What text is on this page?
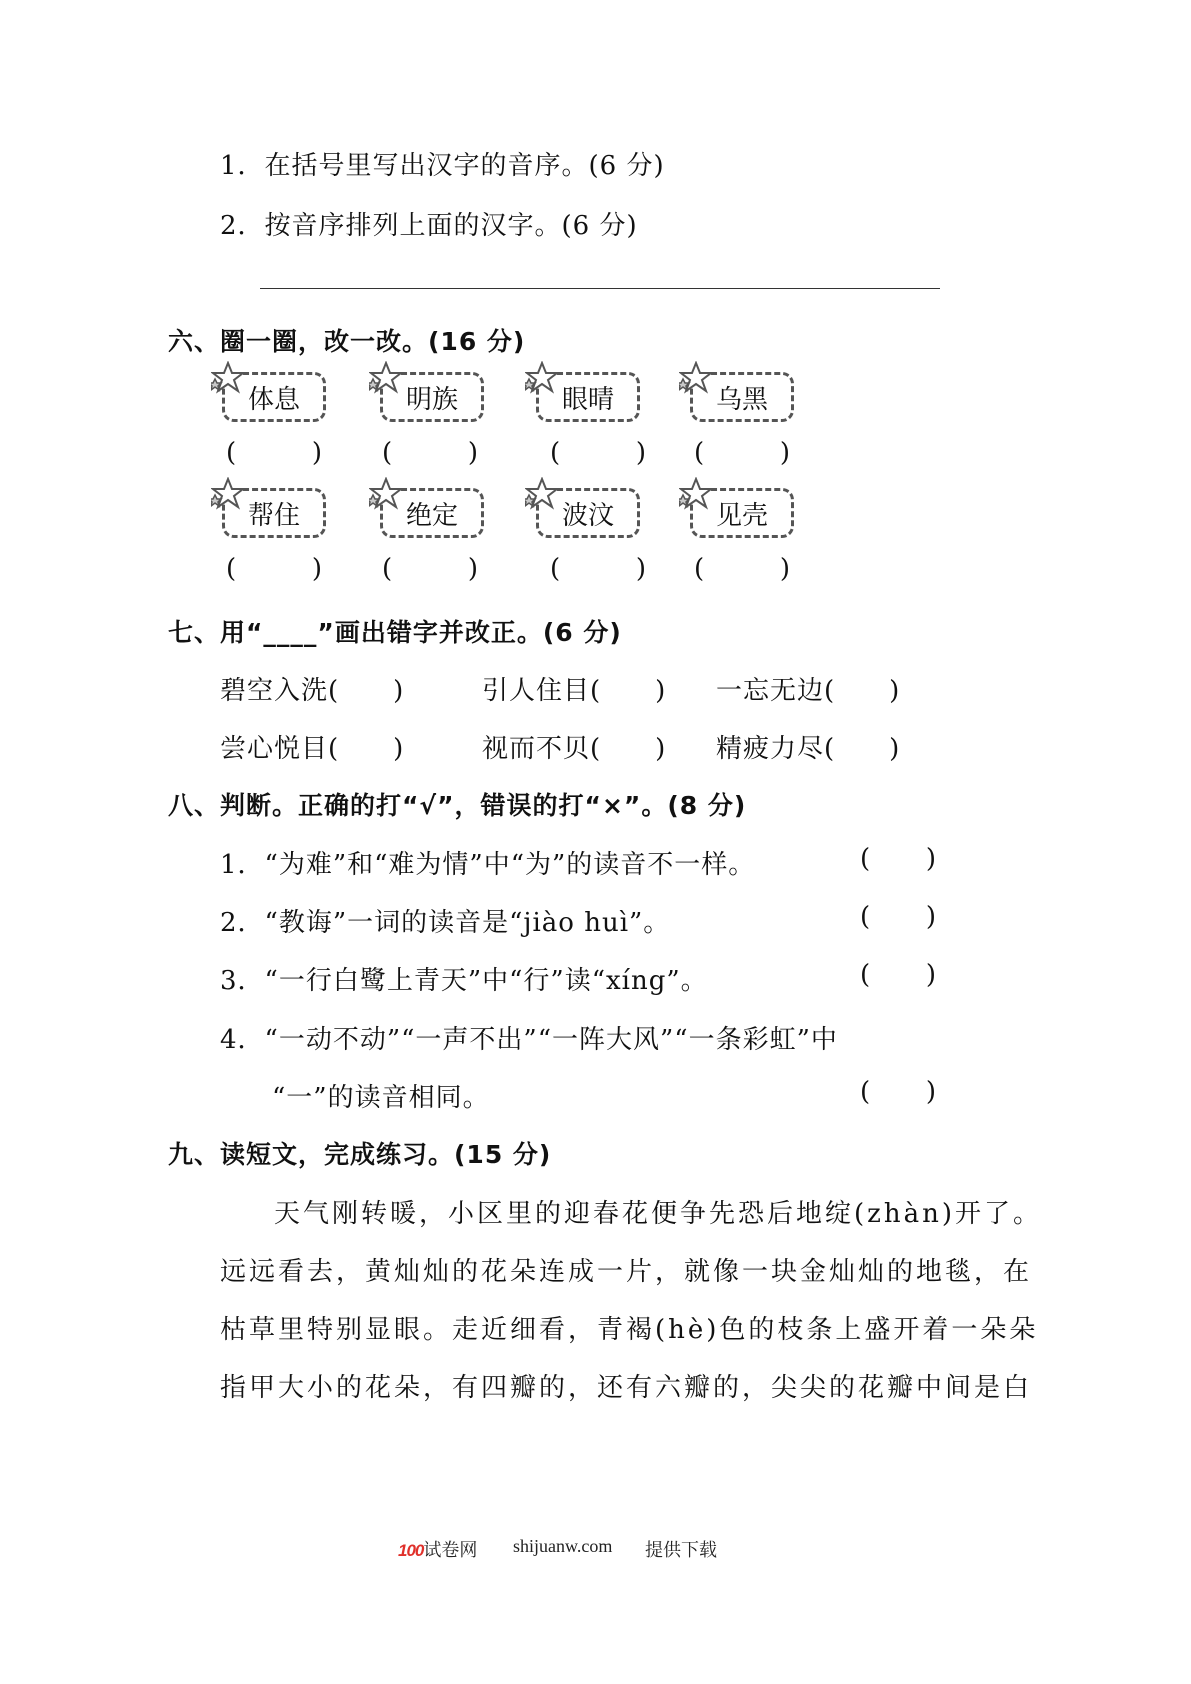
1．在括号里写出汉字的音序。(6 分)
2．按音序排列上面的汉字。(6 分)
六、圈一圈，改一改。(16 分)
体息	明族	眼晴	乌黑
(	) (	)	(	) (	)
帮住	绝定	波汶	见壳
(	) (	)	(	) (	)
七、用“____”画出错字并改正。(6 分)
碧空入洗(　　)	引人住目(　　) 一忘无边(　　)
尝心悦目(　　)	视而不贝(　　) 精疲力尽(　　)
八、判断。正确的打“√”，错误的打“×”。(8 分)
1．“为难”和“难为情”中“为”的读音不一样。	( )
2．“教诲”一词的读音是“jiào huì”。	( )
3．“一行白鹭上青天”中“行”读“xíng”。	( )
4．“一动不动”“一声不出”“一阵大风”“一条彩虹”中
“一”的读音相同。	( )
九、读短文，完成练习。(15 分)
天气刚转暖，小区里的迎春花便争先恐后地绽(zhàn)开了。
远远看去，黄灿灿的花朵连成一片，就像一块金灿灿的地毯，在
枯草里特别显眼。走近细看，青褐(hè)色的枝条上盛开着一朵朵
指甲大小的花朵，有四瓣的，还有六瓣的，尖尖的花瓣中间是白
100试卷网 shijuanw.com 提供下载
